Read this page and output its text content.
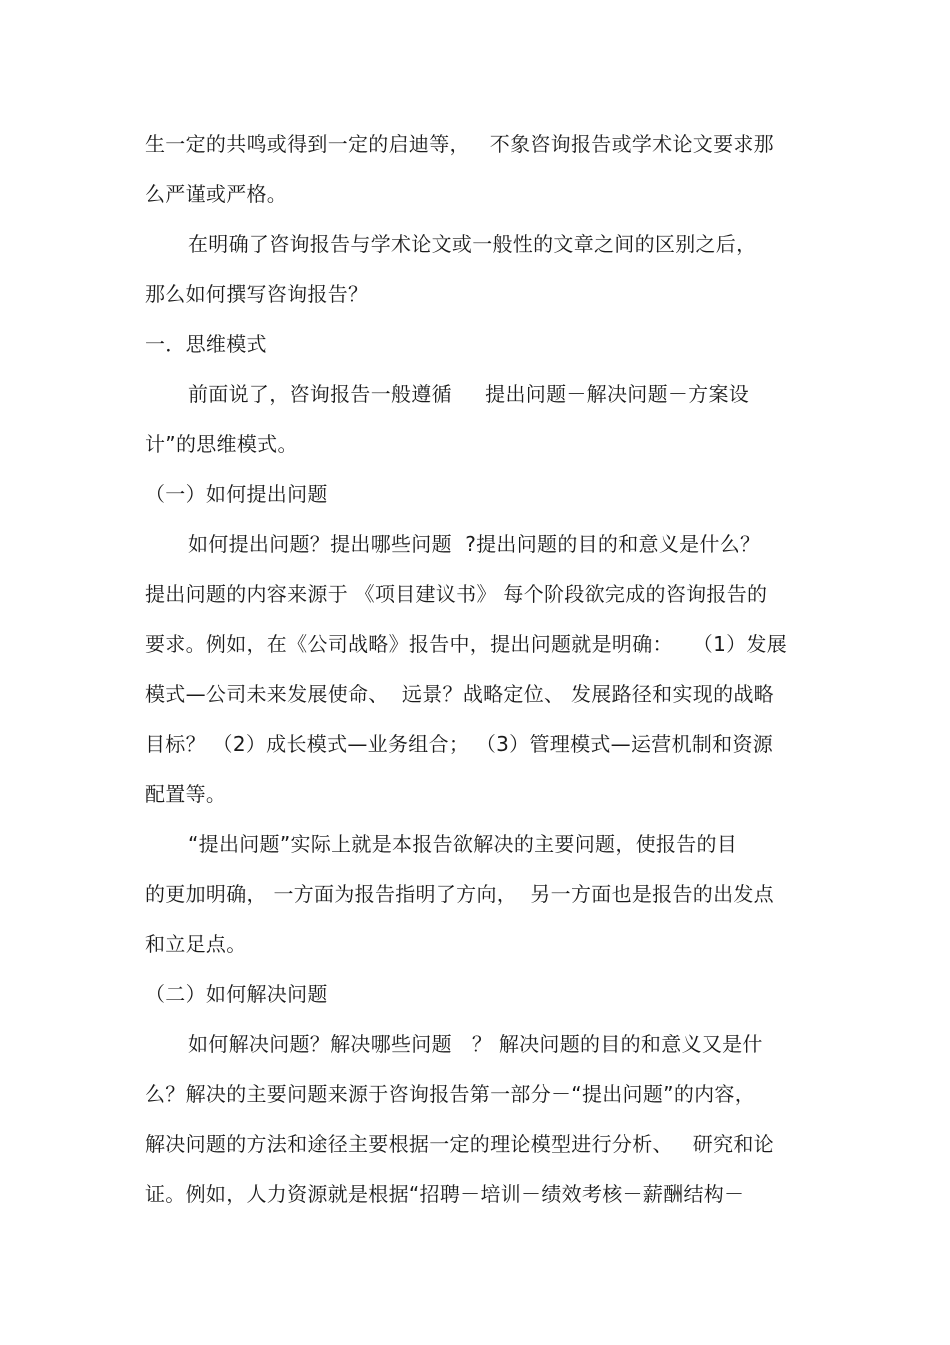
生一定的共鸣或得到一定的启迪等，   不象咨询报告或学术论文要求那
么严谨或严格。
在明确了咨询报告与学术论文或一般性的文章之间的区别之后，
那么如何撰写咨询报告？
一．思维模式
前面说了，咨询报告一般遵循     提出问题－解决问题－方案设
计”的思维模式。
（一）如何提出问题
如何提出问题？提出哪些问题  ?提出问题的目的和意义是什么？
提出问题的内容来源于 《项目建议书》 每个阶段欲完成的咨询报告的
要求。例如，在《公司战略》报告中，提出问题就是明确：   （1）发展
模式—公司未来发展使命、  远景？战略定位、 发展路径和实现的战略
目标？ （2）成长模式—业务组合； （3）管理模式—运营机制和资源
配置等。
“提出问题”实际上就是本报告欲解决的主要问题，使报告的目
的更加明确， 一方面为报告指明了方向，  另一方面也是报告的出发点
和立足点。
（二）如何解决问题
如何解决问题？解决哪些问题   ？ 解决问题的目的和意义又是什
么？解决的主要问题来源于咨询报告第一部分－“提出问题”的内容，
解决问题的方法和途径主要根据一定的理论模型进行分析、   研究和论
证。例如，人力资源就是根据“招聘－培训－绩效考核－薪酬结构－
